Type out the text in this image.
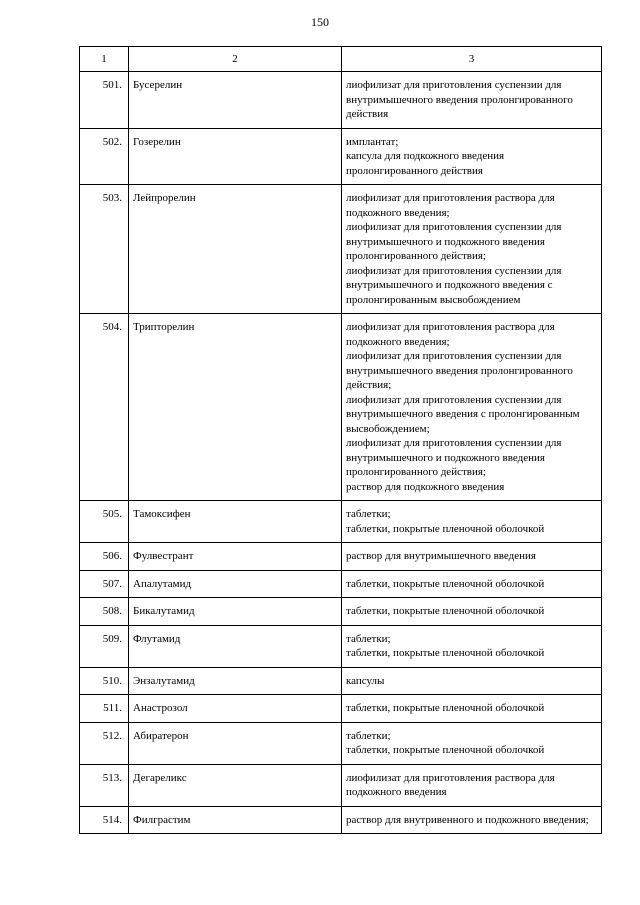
150
1	2	3
501.	Бусерелин	лиофилизат для приготовления суспензии для внутримышечного введения пролонгированного действия

502.	Гозерелин	имплантат;
капсула для подкожного введения пролонгированного действия

503.	Лейпрорелин	лиофилизат для приготовления раствора для подкожного введения;
лиофилизат для приготовления суспензии для внутримышечного и подкожного введения пролонгированного действия;
лиофилизат для приготовления суспензии для внутримышечного и подкожного введения с пролонгированным высвобождением

504.	Трипторелин	лиофилизат для приготовления раствора для подкожного введения;
лиофилизат для приготовления суспензии для внутримышечного введения пролонгированного действия;
лиофилизат для приготовления суспензии для внутримышечного введения с пролонгированным высвобождением;
лиофилизат для приготовления суспензии для внутримышечного и подкожного введения пролонгированного действия;
раствор для подкожного введения

505.	Тамоксифен	таблетки;
таблетки, покрытые пленочной оболочкой

506.	Фулвестрант	раствор для внутримышечного введения

507.	Апалутамид	таблетки, покрытые пленочной оболочкой

508.	Бикалутамид	таблетки, покрытые пленочной оболочкой

509.	Флутамид	таблетки;
таблетки, покрытые пленочной оболочкой

510.	Энзалутамид	капсулы

511.	Анастрозол	таблетки, покрытые пленочной оболочкой

512.	Абиратерон	таблетки;
таблетки, покрытые пленочной оболочкой

513.	Дегареликс	лиофилизат для приготовления раствора для подкожного введения

514.	Филграстим	раствор для внутривенного и подкожного введения;
